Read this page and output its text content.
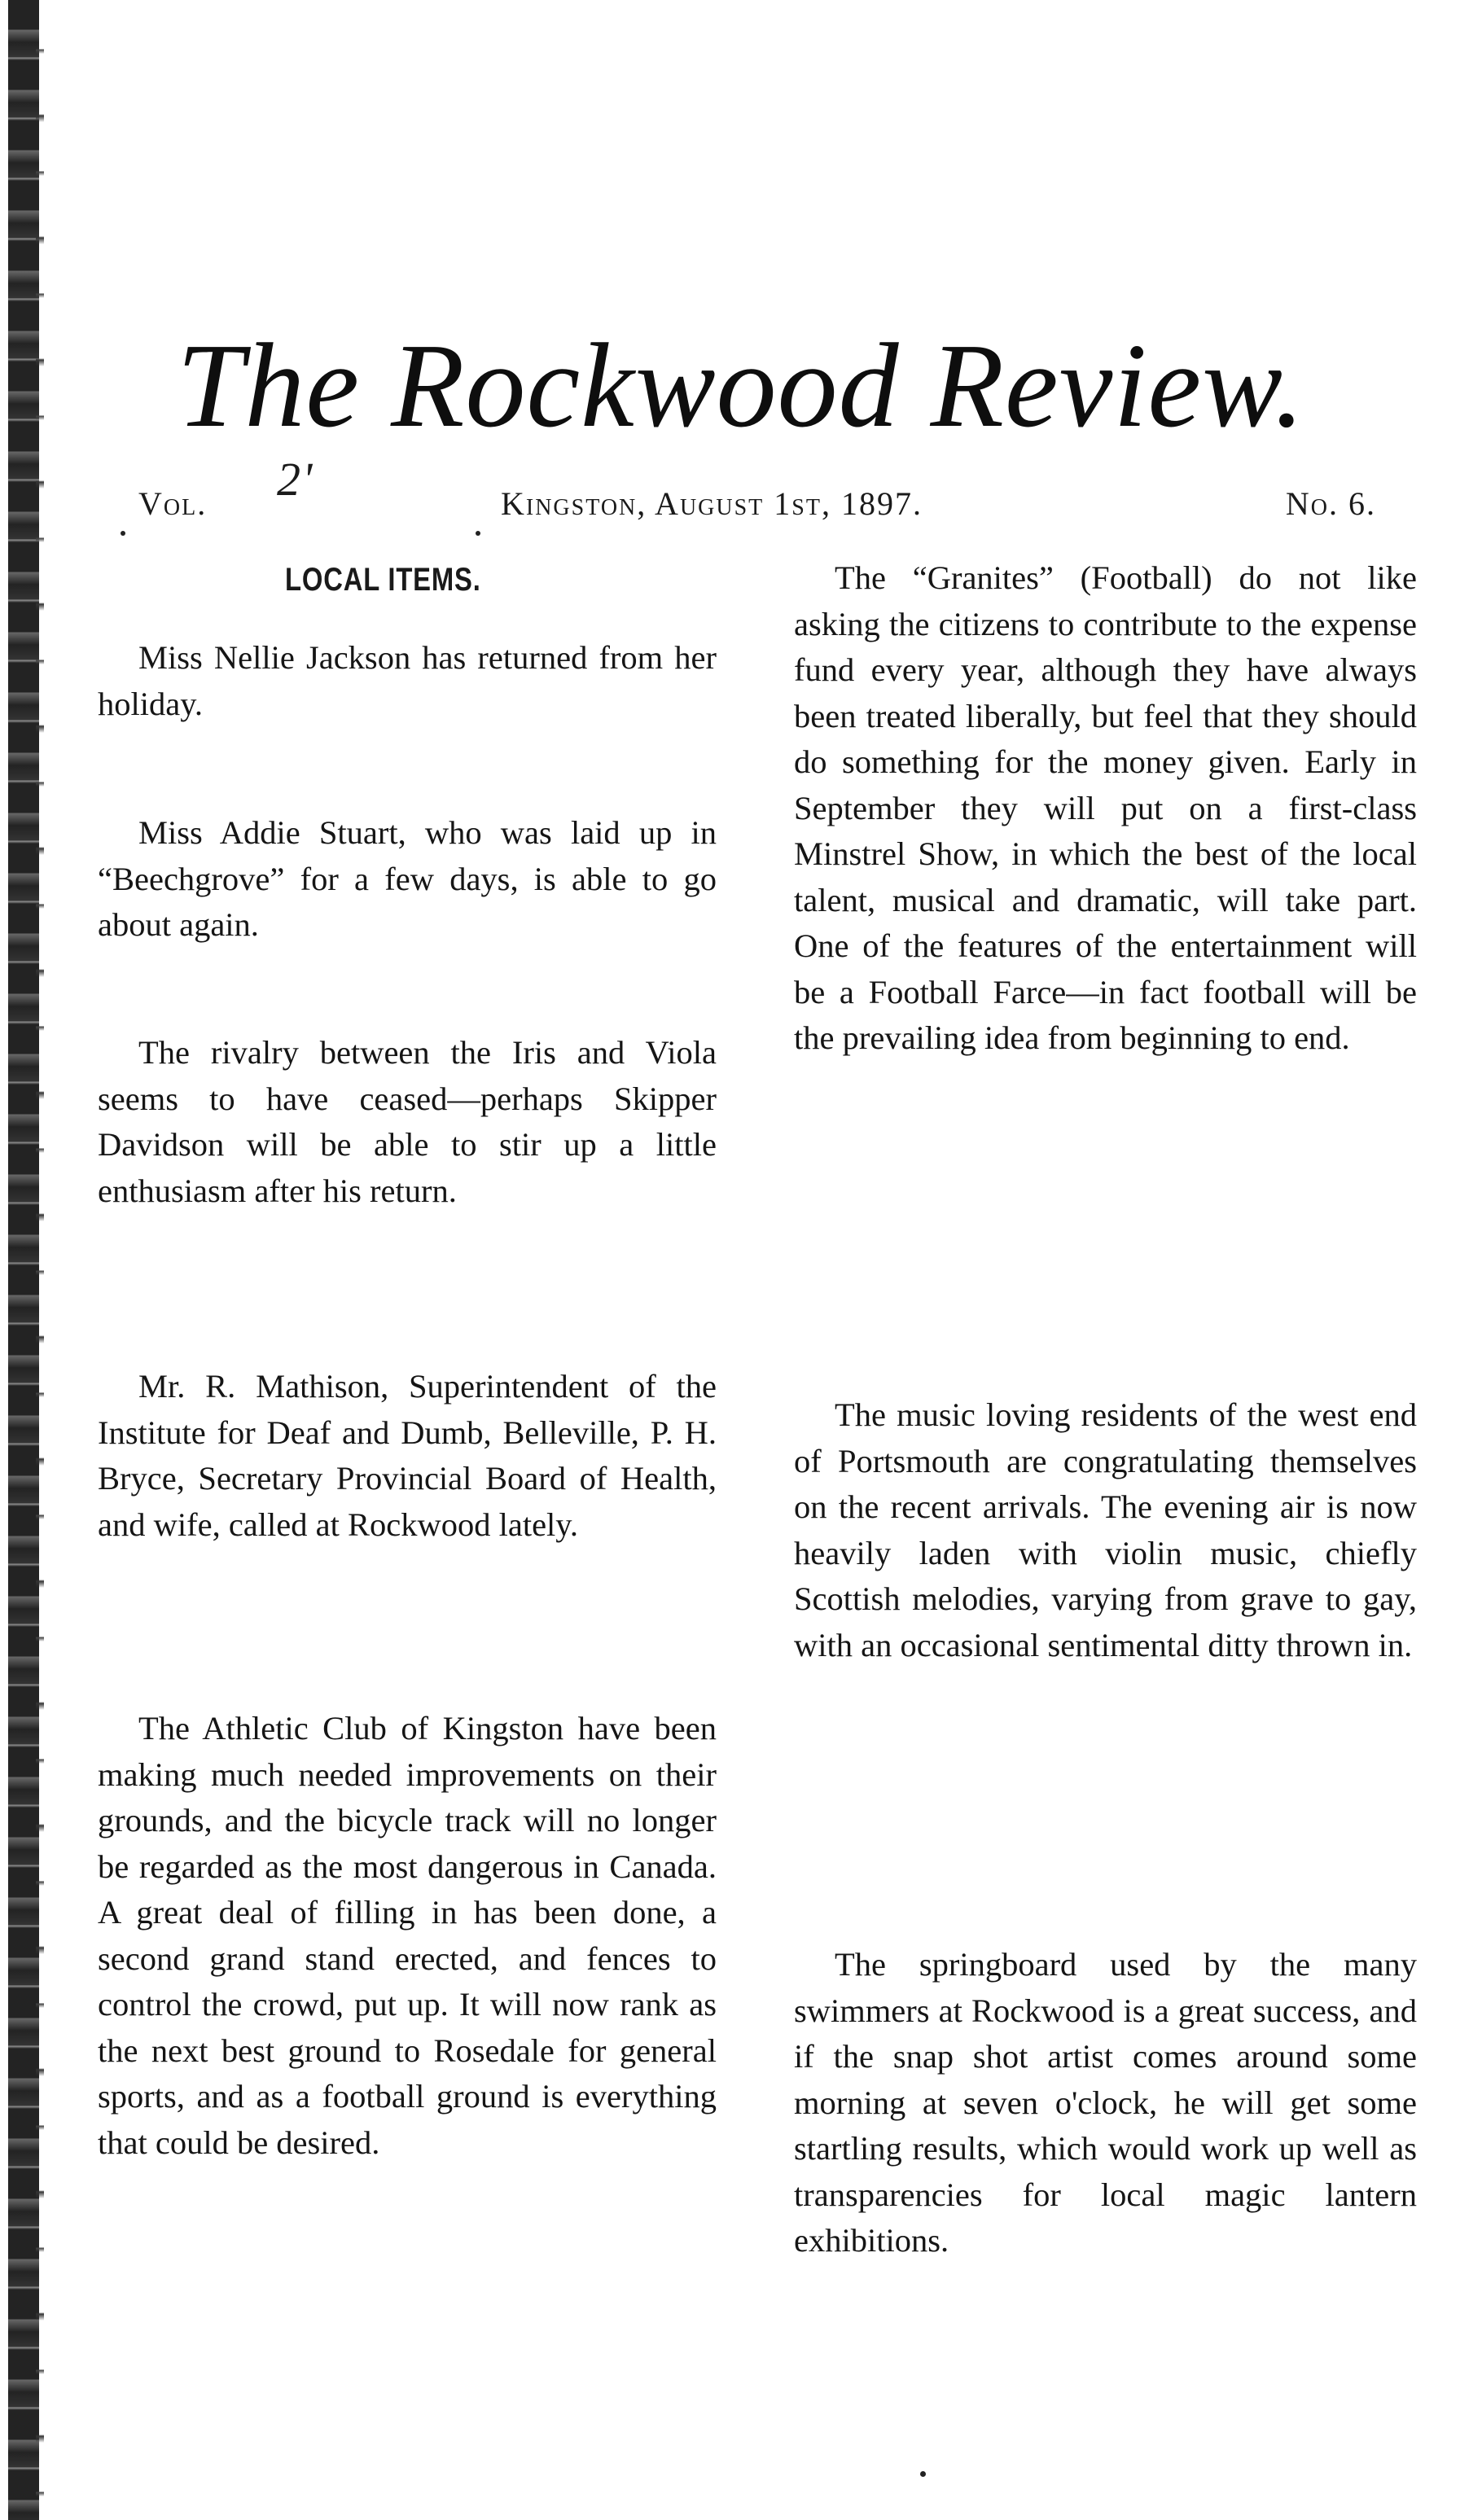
The Rockwood Review.
Vol. 2ʹ	Kingston, August 1st, 1897.	No. 6.
LOCAL ITEMS.

Miss Nellie Jackson has returned from her holiday.

Miss Addie Stuart, who was laid up in “Beechgrove” for a few days, is able to go about again.

The rivalry between the Iris and Viola seems to have ceased—perhaps Skipper Davidson will be able to stir up a little enthusiasm after his return.

Mr. R. Mathison, Superintendent of the Institute for Deaf and Dumb, Belleville, P. H. Bryce, Secretary Provincial Board of Health, and wife, called at Rockwood lately.

The Athletic Club of Kingston have been making much needed improvements on their grounds, and the bicycle track will no longer be regarded as the most dangerous in Canada. A great deal of filling in has been done, a second grand stand erected, and fences to control the crowd, put up. It will now rank as the next best ground to Rosedale for general sports, and as a football ground is everything that could be desired.

The “Granites” (Football) do not like asking the citizens to contribute to the expense fund every year, although they have always been treated liberally, but feel that they should do something for the money given. Early in September they will put on a first-class Minstrel Show, in which the best of the local talent, musical and dramatic, will take part. One of the features of the entertainment will be a Football Farce—in fact football will be the prevailing idea from beginning to end.

The music loving residents of the west end of Portsmouth are congratulating themselves on the recent arrivals. The evening air is now heavily laden with violin music, chiefly Scottish melodies, varying from grave to gay, with an occasional sentimental ditty thrown in.

The springboard used by the many swimmers at Rockwood is a great success, and if the snap shot artist comes around some morning at seven o'clock, he will get some startling results, which would work up well as transparencies for local magic lantern exhibitions.
